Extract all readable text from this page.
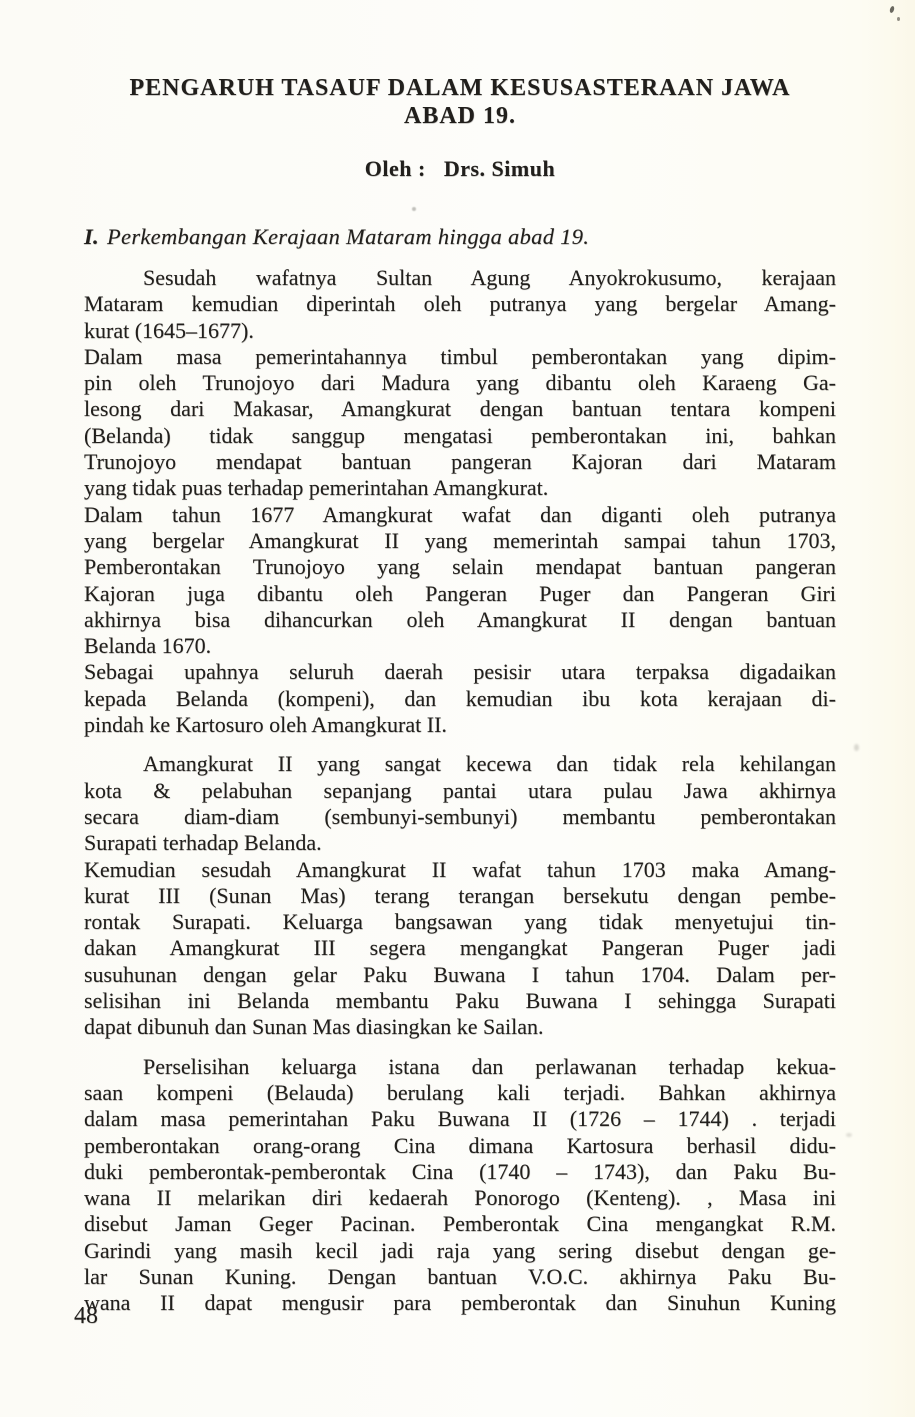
PENGARUH TASAUF DALAM KESUSASTERAAN JAWA
ABAD 19.
Oleh :   Drs. Simuh
I. Perkembangan Kerajaan Mataram hingga abad 19.
Sesudah wafatnya Sultan Agung Anyokrokusumo, kerajaan
Mataram kemudian diperintah oleh putranya yang bergelar Amang-
kurat (1645–1677).
Dalam masa pemerintahannya timbul pemberontakan yang dipim-
pin oleh Trunojoyo dari Madura yang dibantu oleh Karaeng Ga-
lesong dari Makasar, Amangkurat dengan bantuan tentara kompeni
(Belanda) tidak sanggup mengatasi pemberontakan ini, bahkan
Trunojoyo mendapat bantuan pangeran Kajoran dari Mataram
yang tidak puas terhadap pemerintahan Amangkurat.
Dalam tahun 1677 Amangkurat wafat dan diganti oleh putranya
yang bergelar Amangkurat II yang memerintah sampai tahun 1703,
Pemberontakan Trunojoyo yang selain mendapat bantuan pangeran
Kajoran juga dibantu oleh Pangeran Puger dan Pangeran Giri
akhirnya bisa dihancurkan oleh Amangkurat II dengan bantuan
Belanda 1670.
Sebagai upahnya seluruh daerah pesisir utara terpaksa digadaikan
kepada Belanda (kompeni), dan kemudian ibu kota kerajaan di-
pindah ke Kartosuro oleh Amangkurat II.
Amangkurat II yang sangat kecewa dan tidak rela kehilangan
kota & pelabuhan sepanjang pantai utara pulau Jawa akhirnya
secara diam-diam (sembunyi-sembunyi) membantu pemberontakan
Surapati terhadap Belanda.
Kemudian sesudah Amangkurat II wafat tahun 1703 maka Amang-
kurat III (Sunan Mas) terang terangan bersekutu dengan pembe-
rontak Surapati. Keluarga bangsawan yang tidak menyetujui tin-
dakan Amangkurat III segera mengangkat Pangeran Puger jadi
susuhunan dengan gelar Paku Buwana I tahun 1704. Dalam per-
selisihan ini Belanda membantu Paku Buwana I sehingga Surapati
dapat dibunuh dan Sunan Mas diasingkan ke Sailan.
Perselisihan keluarga istana dan perlawanan terhadap kekua-
saan kompeni (Belauda) berulang kali terjadi. Bahkan akhirnya
dalam masa pemerintahan Paku Buwana II (1726 – 1744) . terjadi
pemberontakan orang-orang Cina dimana Kartosura berhasil didu-
duki pemberontak-pemberontak Cina (1740 – 1743), dan Paku Bu-
wana II melarikan diri kedaerah Ponorogo (Kenteng). , Masa ini
disebut Jaman Geger Pacinan. Pemberontak Cina mengangkat R.M.
Garindi yang masih kecil jadi raja yang sering disebut dengan ge-
lar Sunan Kuning. Dengan bantuan V.O.C. akhirnya Paku Bu-
wana II dapat mengusir para pemberontak dan Sinuhun Kuning
48
